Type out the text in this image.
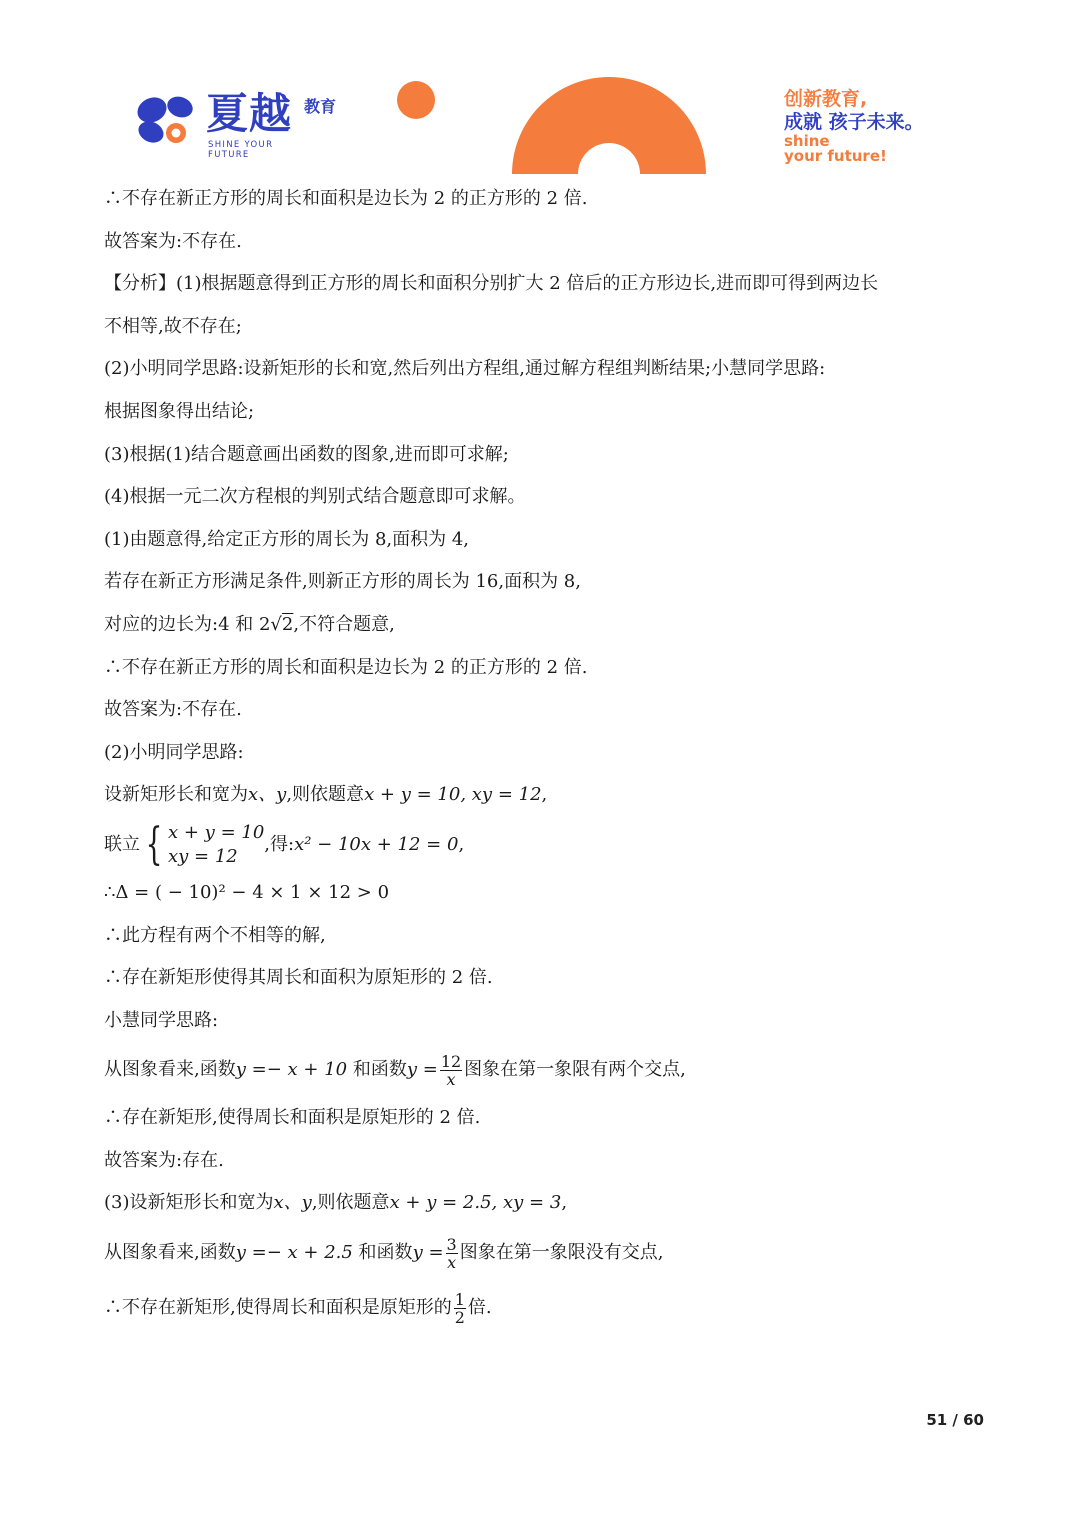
夏越 教育
SHINE YOUR FUTURE
创新教育,
成就 孩子未来。
shine
your future!
∴不存在新正方形的周长和面积是边长为 2 的正方形的 2 倍.
故答案为:不存在.
【分析】(1)根据题意得到正方形的周长和面积分别扩大 2 倍后的正方形边长,进而即可得到两边长
不相等,故不存在;
(2)小明同学思路:设新矩形的长和宽,然后列出方程组,通过解方程组判断结果;小慧同学思路:
根据图象得出结论;
(3)根据(1)结合题意画出函数的图象,进而即可求解;
(4)根据一元二次方程根的判别式结合题意即可求解。
(1)由题意得,给定正方形的周长为 8,面积为 4,
若存在新正方形满足条件,则新正方形的周长为 16,面积为 8,
对应的边长为:4 和 2√2,不符合题意,
∴不存在新正方形的周长和面积是边长为 2 的正方形的 2 倍.
故答案为:不存在.
(2)小明同学思路:
设新矩形长和宽为x、y,则依题意x + y = 10, xy = 12,
联立 { x + y = 10
xy = 12
,得:x² − 10x + 12 = 0,
∴Δ = ( − 10)² − 4 × 1 × 12 > 0
∴此方程有两个不相等的解,
∴存在新矩形使得其周长和面积为原矩形的 2 倍.
小慧同学思路:
从图象看来,函数y =− x + 10 和函数$y = \frac{12}{x}$ 图象在第一象限有两个交点,
∴存在新矩形,使得周长和面积是原矩形的 2 倍.
故答案为:存在.
(3)设新矩形长和宽为x、y,则依题意x + y = 2.5, xy = 3,
从图象看来,函数y =− x + 2.5 和函数$y = \frac{3}{x}$ 图象在第一象限没有交点,
∴不存在新矩形,使得周长和面积是原矩形的 $\frac{1}{2}$ 倍.
51 / 60
